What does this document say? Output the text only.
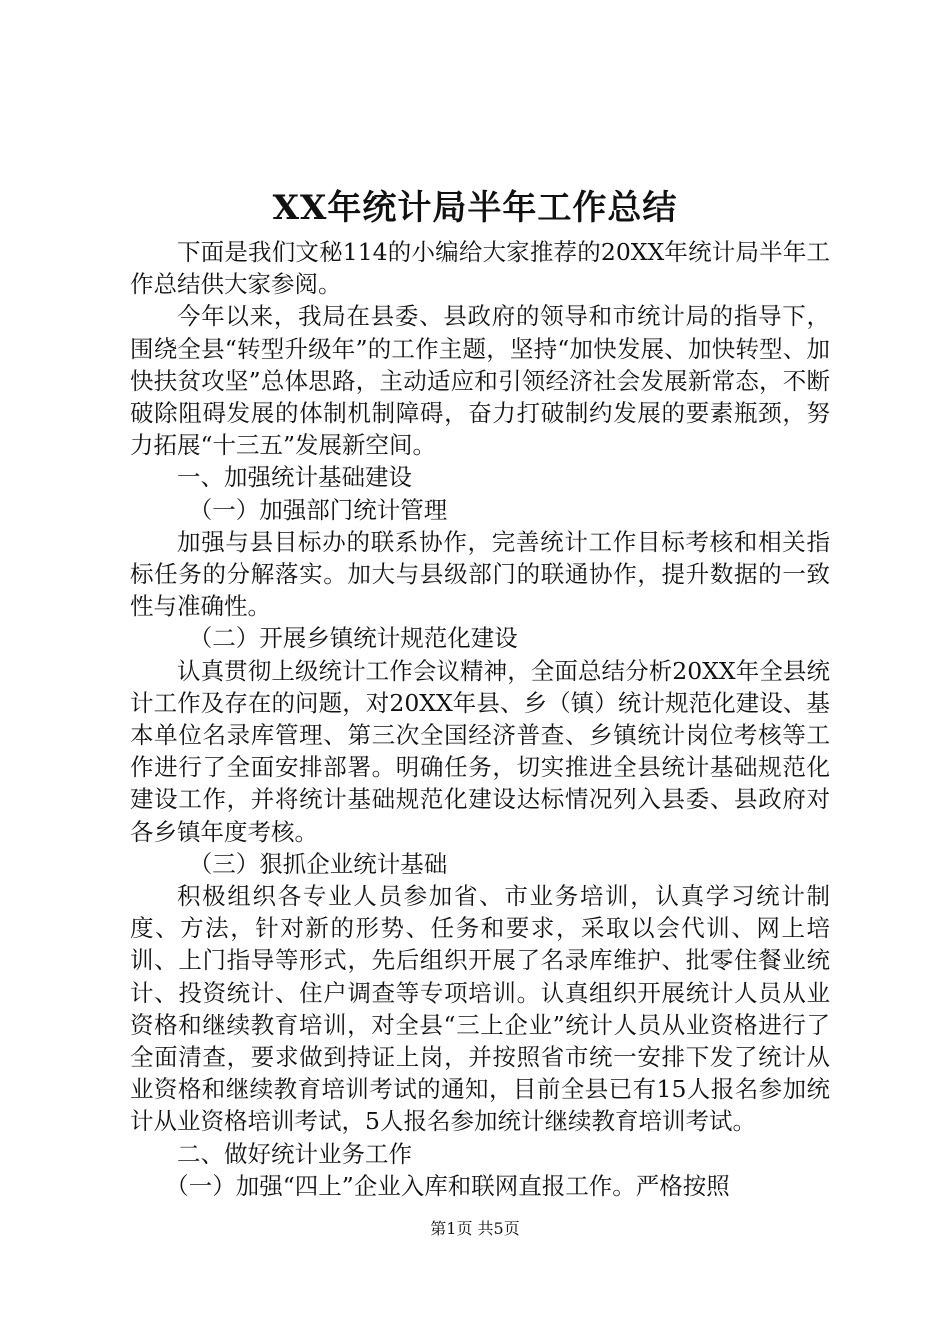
XX年统计局半年工作总结

下面是我们文秘114的小编给大家推荐的20XX年统计局半年工作总结供大家参阅。

今年以来，我局在县委、县政府的领导和市统计局的指导下，围绕全县“转型升级年”的工作主题，坚持“加快发展、加快转型、加快扶贫攻坚”总体思路，主动适应和引领经济社会发展新常态，不断破除阻碍发展的体制机制障碍，奋力打破制约发展的要素瓶颈，努力拓展“十三五”发展新空间。

一、加强统计基础建设

（一）加强部门统计管理

加强与县目标办的联系协作，完善统计工作目标考核和相关指标任务的分解落实。加大与县级部门的联通协作，提升数据的一致性与准确性。

（二）开展乡镇统计规范化建设

认真贯彻上级统计工作会议精神，全面总结分析20XX年全县统计工作及存在的问题，对20XX年县、乡（镇）统计规范化建设、基本单位名录库管理、第三次全国经济普查、乡镇统计岗位考核等工作进行了全面安排部署。明确任务，切实推进全县统计基础规范化建设工作，并将统计基础规范化建设达标情况列入县委、县政府对各乡镇年度考核。

（三）狠抓企业统计基础

积极组织各专业人员参加省、市业务培训，认真学习统计制度、方法，针对新的形势、任务和要求，采取以会代训、网上培训、上门指导等形式，先后组织开展了名录库维护、批零住餐业统计、投资统计、住户调查等专项培训。认真组织开展统计人员从业资格和继续教育培训，对全县“三上企业”统计人员从业资格进行了全面清查，要求做到持证上岗，并按照省市统一安排下发了统计从业资格和继续教育培训考试的通知，目前全县已有15人报名参加统计从业资格培训考试，5人报名参加统计继续教育培训考试。

二、做好统计业务工作

（一）加强“四上”企业入库和联网直报工作。严格按照

第1页 共5页
